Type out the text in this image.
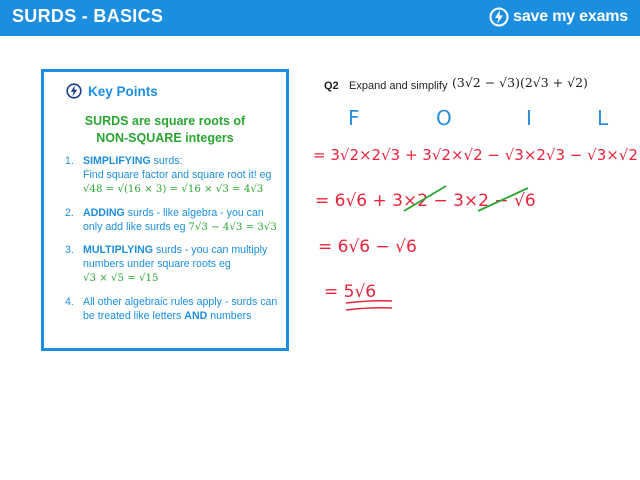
SURDS - BASICS	save my exams
Key Points
SURDS are square roots of
NON-SQUARE integers
1. SIMPLIFYING surds:
Find square factor and square root it! eg
√48 = √(16 × 3) = √16 × √3 = 4√3
2. ADDING surds - like algebra - you can only add like surds eg 7√3 − 4√3 = 3√3
3. MULTIPLYING surds - you can multiply numbers under square roots eg
√3 × √5 = √15
4. All other algebraic rules apply - surds can be treated like letters AND numbers
Q2 Expand and simplify (3√2 − √3)(2√3 + √2)
F	O	I	L
= 3√2×2√3 + 3√2×√2 − √3×2√3 − √3×√2
= 6√6 + 3×2 − 3×2 − √6
= 6√6 − √6
= 5√6
